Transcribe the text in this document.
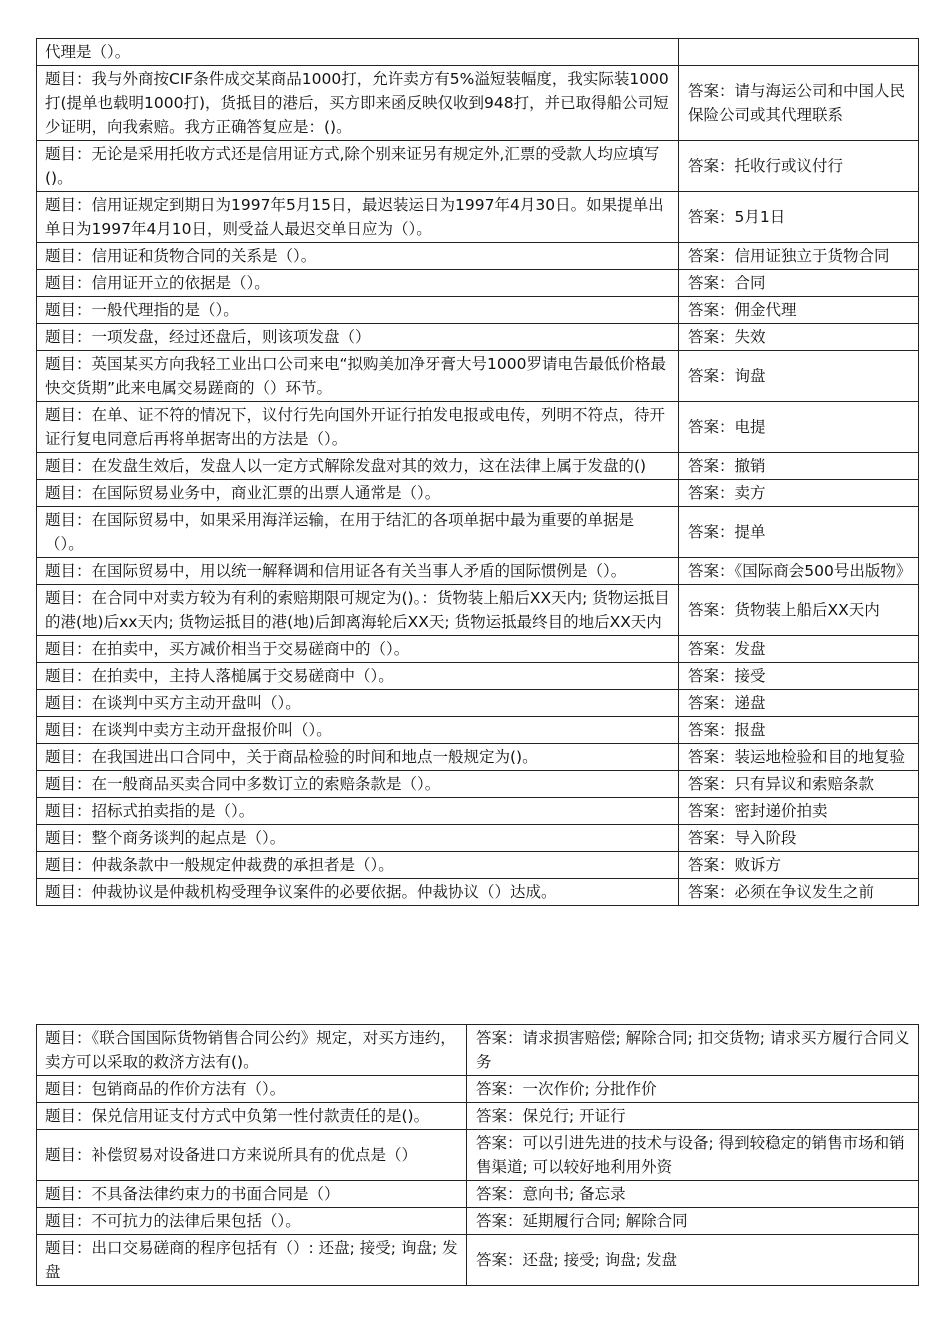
代理是（）。	
题目：我与外商按CIF条件成交某商品1000打，允许卖方有5%溢短装幅度，我实际装1000打(提单也载明1000打)，货抵目的港后，买方即来函反映仅收到948打，并已取得船公司短少证明，向我索赔。我方正确答复应是：()。	答案：请与海运公司和中国人民保险公司或其代理联系
题目：无论是采用托收方式还是信用证方式,除个别来证另有规定外,汇票的受款人均应填写()。	答案：托收行或议付行
题目：信用证规定到期日为1997年5月15日，最迟装运日为1997年4月30日。如果提单出单日为1997年4月10日，则受益人最迟交单日应为（）。	答案：5月1日
题目：信用证和货物合同的关系是（）。	答案：信用证独立于货物合同
题目：信用证开立的依据是（）。	答案：合同
题目：一般代理指的是（）。	答案：佣金代理
题目：一项发盘，经过还盘后，则该项发盘（）	答案：失效
题目：英国某买方向我轻工业出口公司来电“拟购美加净牙膏大号1000罗请电告最低价格最快交货期”此来电属交易蹉商的（）环节。	答案：询盘
题目：在单、证不符的情况下，议付行先向国外开证行拍发电报或电传，列明不符点，待开证行复电同意后再将单据寄出的方法是（）。	答案：电提
题目：在发盘生效后，发盘人以一定方式解除发盘对其的效力，这在法律上属于发盘的()	答案：撤销
题目：在国际贸易业务中，商业汇票的出票人通常是（）。	答案：卖方
题目：在国际贸易中，如果采用海洋运输，在用于结汇的各项单据中最为重要的单据是（）。	答案：提单
题目：在国际贸易中，用以统一解释调和信用证各有关当事人矛盾的国际惯例是（）。	答案：《国际商会500号出版物》
题目：在合同中对卖方较为有利的索赔期限可规定为()。：货物装上船后XX天内; 货物运抵目的港(地)后xx天内; 货物运抵目的港(地)后卸离海轮后XX天; 货物运抵最终目的地后XX天内	答案：货物装上船后XX天内
题目：在拍卖中，买方减价相当于交易磋商中的（）。	答案：发盘
题目：在拍卖中，主持人落槌属于交易磋商中（）。	答案：接受
题目：在谈判中买方主动开盘叫（）。	答案：递盘
题目：在谈判中卖方主动开盘报价叫（）。	答案：报盘
题目：在我国进出口合同中，关于商品检验的时间和地点一般规定为()。	答案：装运地检验和目的地复验
题目：在一般商品买卖合同中多数订立的索赔条款是（）。	答案：只有异议和索赔条款
题目：招标式拍卖指的是（）。	答案：密封递价拍卖
题目：整个商务谈判的起点是（）。	答案：导入阶段
题目：仲裁条款中一般规定仲裁费的承担者是（）。	答案：败诉方
题目：仲裁协议是仲裁机构受理争议案件的必要依据。仲裁协议（）达成。	答案：必须在争议发生之前
题目：《联合国国际货物销售合同公约》规定，对买方违约，卖方可以采取的救济方法有()。	答案：请求损害赔偿; 解除合同; 扣交货物; 请求买方履行合同义务
题目：包销商品的作价方法有（）。	答案：一次作价; 分批作价
题目：保兑信用证支付方式中负第一性付款责任的是()。	答案：保兑行; 开证行
题目：补偿贸易对设备进口方来说所具有的优点是（）	答案：可以引进先进的技术与设备; 得到较稳定的销售市场和销售渠道; 可以较好地利用外资
题目：不具备法律约束力的书面合同是（）	答案：意向书; 备忘录
题目：不可抗力的法律后果包括（）。	答案：延期履行合同; 解除合同
题目：出口交易磋商的程序包括有（）: 还盘; 接受; 询盘; 发盘	答案：还盘; 接受; 询盘; 发盘
